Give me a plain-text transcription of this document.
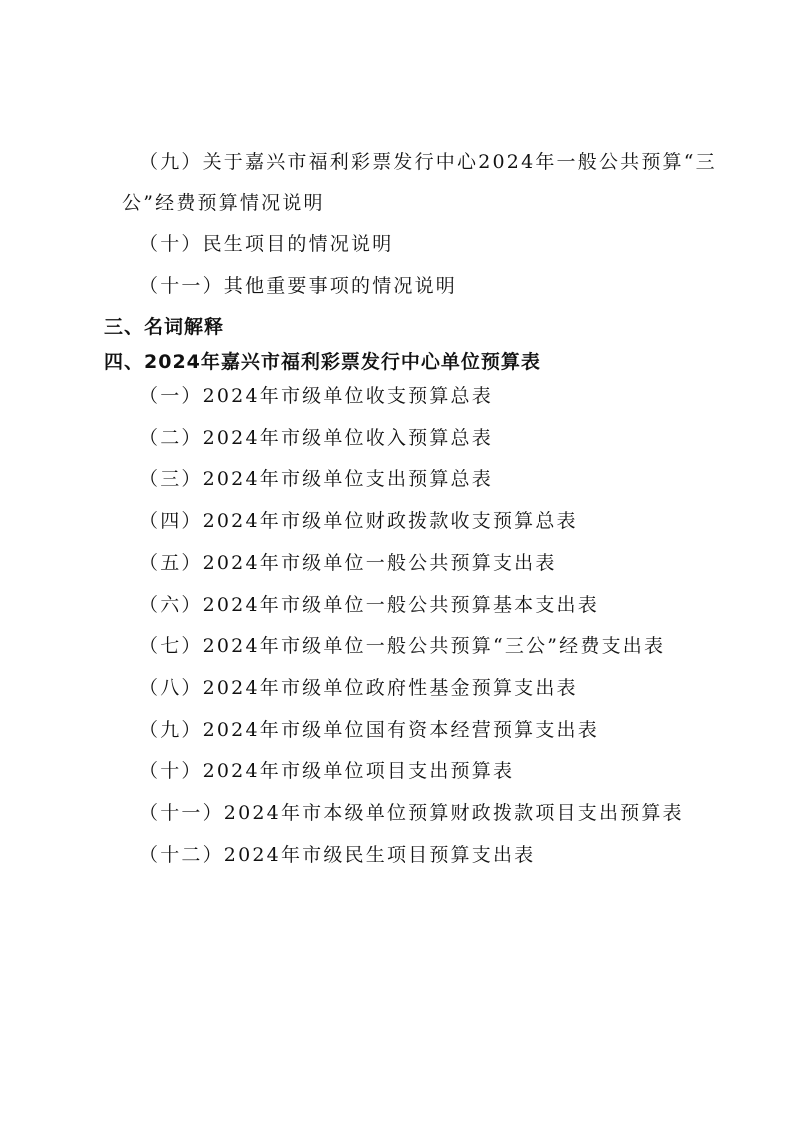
（九）关于嘉兴市福利彩票发行中心2024年一般公共预算“三
公”经费预算情况说明
（十）民生项目的情况说明
（十一）其他重要事项的情况说明
三、名词解释
四、2024年嘉兴市福利彩票发行中心单位预算表
（一）2024年市级单位收支预算总表
（二）2024年市级单位收入预算总表
（三）2024年市级单位支出预算总表
（四）2024年市级单位财政拨款收支预算总表
（五）2024年市级单位一般公共预算支出表
（六）2024年市级单位一般公共预算基本支出表
（七）2024年市级单位一般公共预算“三公”经费支出表
（八）2024年市级单位政府性基金预算支出表
（九）2024年市级单位国有资本经营预算支出表
（十）2024年市级单位项目支出预算表
（十一）2024年市本级单位预算财政拨款项目支出预算表
（十二）2024年市级民生项目预算支出表
